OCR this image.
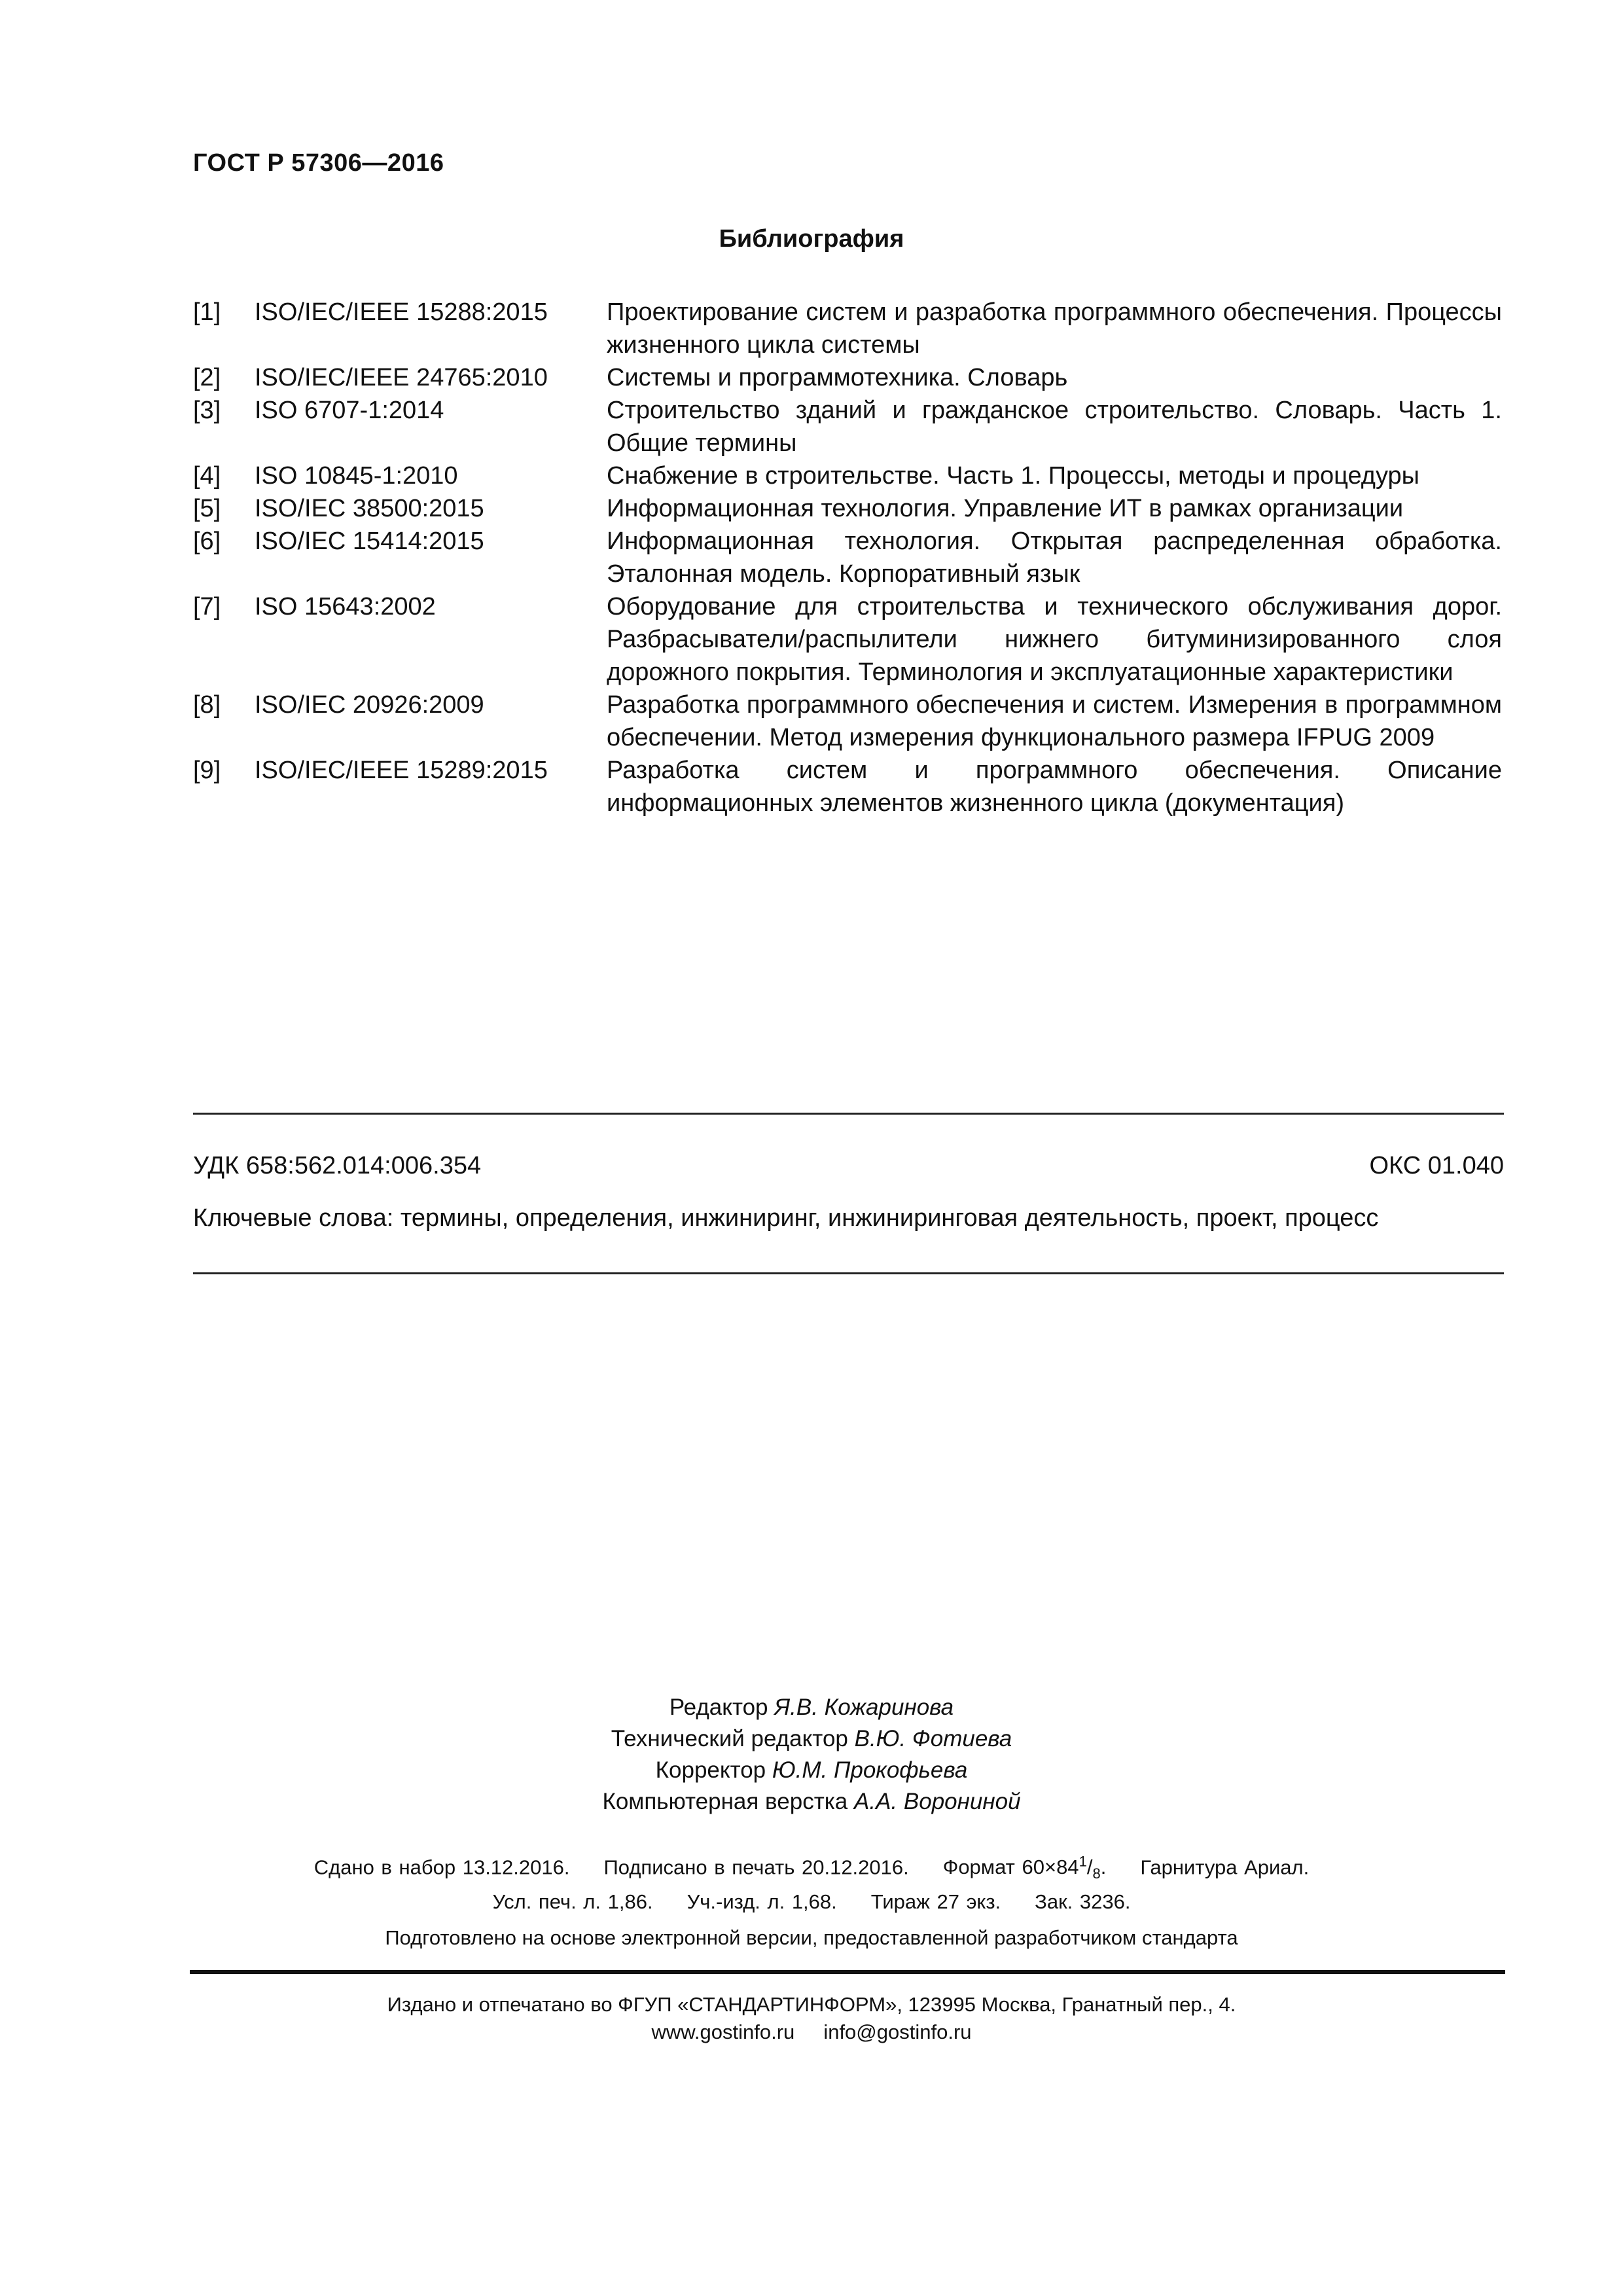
ГОСТ Р 57306—2016
Библиография
[1]	ISO/IEC/IEEE 15288:2015	Проектирование систем и разработка программного обеспечения. Процессы жизненного цикла системы
[2]	ISO/IEC/IEEE 24765:2010	Системы и программотехника. Словарь
[3]	ISO 6707-1:2014	Строительство зданий и гражданское строительство. Словарь. Часть 1. Общие термины
[4]	ISO 10845-1:2010	Снабжение в строительстве. Часть 1. Процессы, методы и процедуры
[5]	ISO/IEC 38500:2015	Информационная технология. Управление ИТ в рамках организации
[6]	ISO/IEC 15414:2015	Информационная технология. Открытая распределенная обработка. Эталонная модель. Корпоративный язык
[7]	ISO 15643:2002	Оборудование для строительства и технического обслуживания дорог. Разбрасыватели/распылители нижнего битуминизированного слоя дорожного покрытия. Терминология и эксплуатационные характеристики
[8]	ISO/IEC 20926:2009	Разработка программного обеспечения и систем. Измерения в программном обеспечении. Метод измерения функционального размера IFPUG 2009
[9]	ISO/IEC/IEEE 15289:2015	Разработка систем и программного обеспечения. Описание информационных элементов жизненного цикла (документация)
УДК 658:562.014:006.354	ОКС 01.040
Ключевые слова: термины, определения, инжиниринг, инжиниринговая деятельность, проект, процесс
Редактор Я.В. Кожаринова
Технический редактор В.Ю. Фотиева
Корректор Ю.М. Прокофьева
Компьютерная верстка А.А. Ворониной
Сдано в набор 13.12.2016. Подписано в печать 20.12.2016. Формат $60\times 84^1/_8$. Гарнитура Ариал.
Усл. печ. л. 1,86. Уч.-изд. л. 1,68. Тираж 27 экз. Зак. 3236.
Подготовлено на основе электронной версии, предоставленной разработчиком стандарта
Издано и отпечатано во ФГУП «СТАНДАРТИНФОРМ», 123995 Москва, Гранатный пер., 4.
www.gostinfo.ru info@gostinfo.ru
